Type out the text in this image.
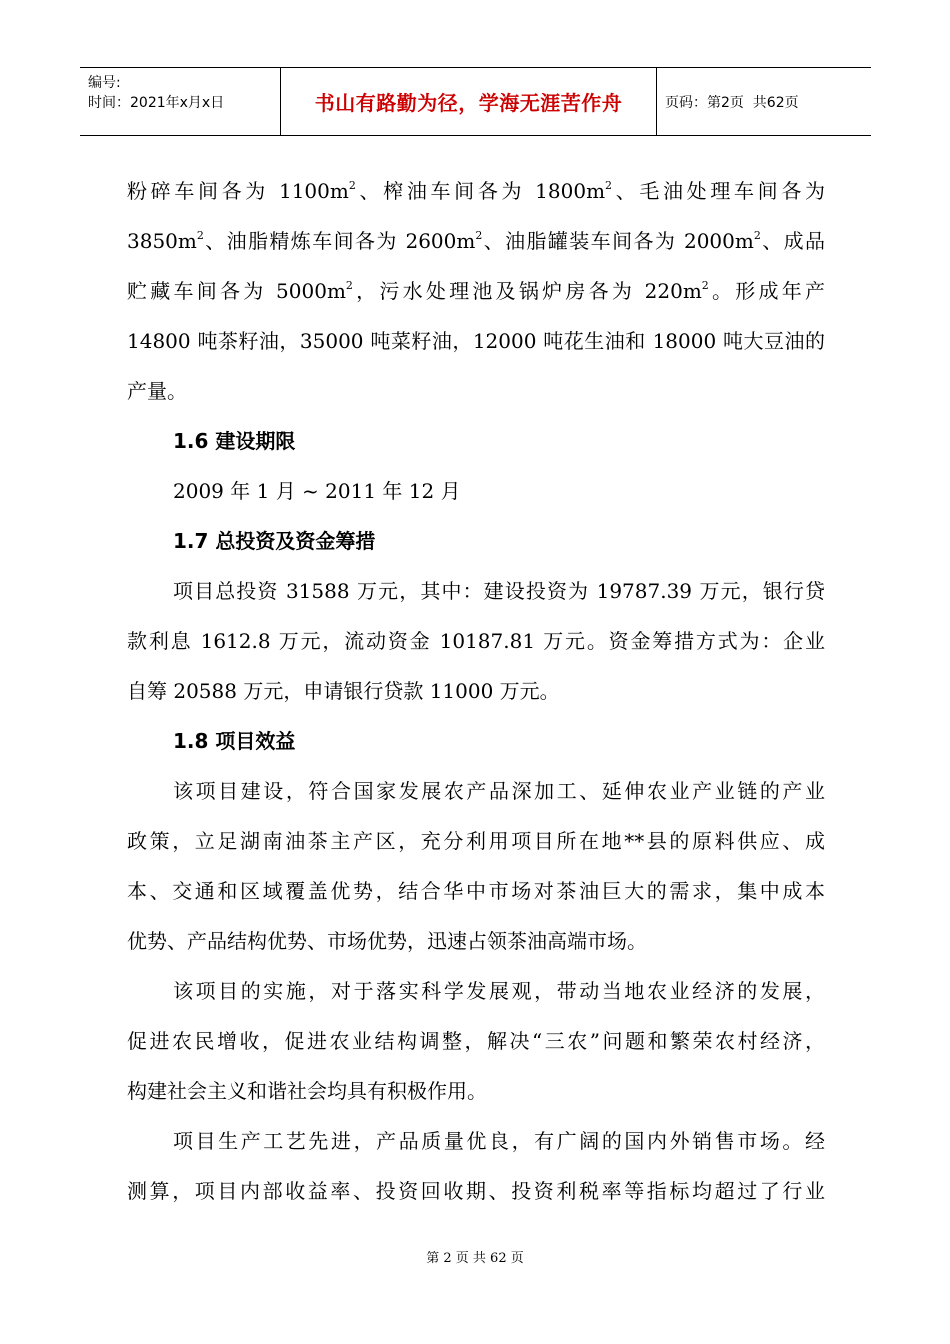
编号:
时间：2021年x月x日	书山有路勤为径，学海无涯苦作舟	页码：第2页  共62页
粉碎车间各为 $1100m^2$、榨油车间各为 $1800m^2$、毛油处理车间各为
$3850m^2$、油脂精炼车间各为 $2600m^2$、油脂罐装车间各为 $2000m^2$、成品
贮藏车间各为 $5000m^2$，污水处理池及锅炉房各为 $220m^2$。形成年产
14800 吨茶籽油，35000 吨菜籽油，12000 吨花生油和 18000 吨大豆油的
产量。
1.6 建设期限
2009 年 1 月 ~ 2011 年 12 月
1.7 总投资及资金筹措
项目总投资 31588 万元，其中：建设投资为 19787.39 万元，银行贷
款利息 1612.8 万元，流动资金 10187.81 万元。资金筹措方式为：企业
自筹 20588 万元，申请银行贷款 11000 万元。
1.8 项目效益
该项目建设，符合国家发展农产品深加工、延伸农业产业链的产业
政策，立足湖南油茶主产区，充分利用项目所在地**县的原料供应、成
本、交通和区域覆盖优势，结合华中市场对茶油巨大的需求，集中成本
优势、产品结构优势、市场优势，迅速占领茶油高端市场。
该项目的实施，对于落实科学发展观，带动当地农业经济的发展，
促进农民增收，促进农业结构调整，解决“三农”问题和繁荣农村经济，
构建社会主义和谐社会均具有积极作用。
项目生产工艺先进，产品质量优良，有广阔的国内外销售市场。经
测算，项目内部收益率、投资回收期、投资利税率等指标均超过了行业
第 2 页 共 62 页
